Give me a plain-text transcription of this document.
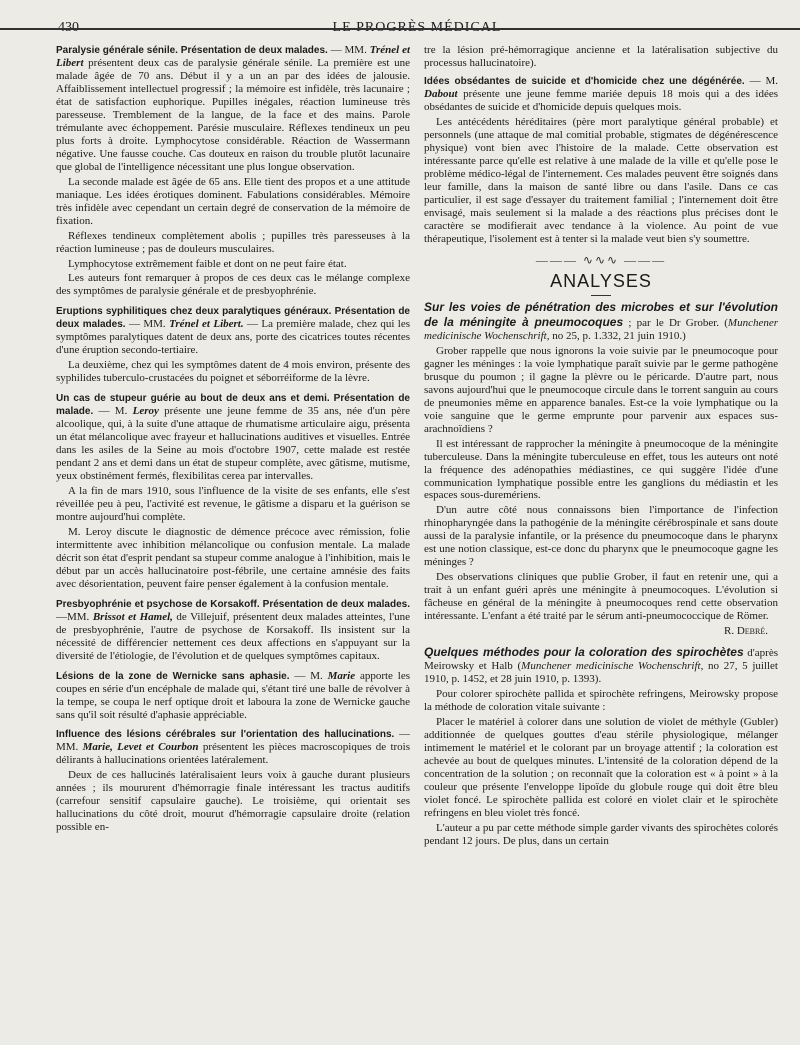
430	LE PROGRÈS MÉDICAL

Paralysie générale sénile. Présentation de deux malades. — MM. Trénel et Libert présentent deux cas de paralysie générale sénile. La première est une malade âgée de 70 ans. Début il y a un an par des idées de jalousie. Affaiblissement intellectuel progressif ; la mémoire est infidèle, très lacunaire ; état de satisfaction euphorique. Pupilles inégales, réaction lumineuse très paresseuse. Tremblement de la langue, de la face et des mains. Parole trémulante avec échoppement. Parésie musculaire. Réflexes tendineux un peu plus forts à droite. Lymphocytose considérable. Réaction de Wassermann négative. Une fausse couche. Cas douteux en raison du trouble plutôt lacunaire que global de l'intelligence nécessitant une plus longue observation.

La seconde malade est âgée de 65 ans. Elle tient des propos et a une attitude maniaque. Les idées érotiques dominent. Fabulations considérables. Mémoire très infidèle avec cependant un certain degré de conservation de la mémoire de fixation.

Réflexes tendineux complètement abolis ; pupilles très paresseuses à la réaction lumineuse ; pas de douleurs musculaires.

Lymphocytose extrêmement faible et dont on ne peut faire état.

Les auteurs font remarquer à propos de ces deux cas le mélange complexe des symptômes de paralysie générale et de presbyophrénie.

Eruptions syphilitiques chez deux paralytiques généraux. Présentation de deux malades. — MM. Trénel et Libert. — La première malade, chez qui les symptômes paralytiques datent de deux ans, porte des cicatrices toutes récentes d'une éruption secondo-tertiaire.

La deuxième, chez qui les symptômes datent de 4 mois environ, présente des syphilides tuberculo-crustacées du poignet et séborréiforme de la lèvre.

Un cas de stupeur guérie au bout de deux ans et demi. Présentation de malade. — M. Leroy présente une jeune femme de 35 ans, née d'un père alcoolique, qui, à la suite d'une attaque de rhumatisme articulaire aigu, présenta un état mélancolique avec frayeur et hallucinations auditives et visuelles. Entrée dans les asiles de la Seine au mois d'octobre 1907, cette malade est restée pendant 2 ans et demi dans un état de stupeur complète, avec gâtisme, mutisme, yeux obstinément fermés, flexibilitas cerea par intervalles.

A la fin de mars 1910, sous l'influence de la visite de ses enfants, elle s'est réveillée peu à peu, l'activité est revenue, le gâtisme a disparu et la guérison se montre aujourd'hui complète.

M. Leroy discute le diagnostic de démence précoce avec rémission, folie intermittente avec inhibition mélancolique ou confusion mentale. La malade décrit son état d'esprit pendant sa stupeur comme analogue à l'inhibition, mais le début par un accès hallucinatoire post-fébrile, une certaine amnésie des faits avec désorientation, peuvent faire penser également à la confusion mentale.

Presbyophrénie et psychose de Korsakoff. Présentation de deux malades. —MM. Brissot et Hamel, de Villejuif, présentent deux malades atteintes, l'une de presbyophrénie, l'autre de psychose de Korsakoff. Ils insistent sur la nécessité de différencier nettement ces deux affections en s'appuyant sur la diversité de l'étiologie, de l'évolution et de quelques symptômes capitaux.

Lésions de la zone de Wernicke sans aphasie. — M. Marie apporte les coupes en série d'un encéphale de malade qui, s'étant tiré une balle de révolver à la tempe, se coupa le nerf optique droit et laboura la zone de Wernicke gauche sans qu'il soit résulté d'aphasie appréciable.

Influence des lésions cérébrales sur l'orientation des hallucinations. — MM. Marie, Levet et Courbon présentent les pièces macroscopiques de trois délirants à hallucinations orientées latéralement.

Deux de ces hallucinés latéralisaient leurs voix à gauche durant plusieurs années ; ils moururent d'hémorragie finale intéressant les tractus auditifs (carrefour sensitif capsulaire gauche). Le troisième, qui orientait ses hallucinations du côté droit, mourut d'hémorragie capsulaire droite (relation possible en-

tre la lésion pré-hémorragique ancienne et la latéralisation subjective du processus hallucinatoire).

Idées obsédantes de suicide et d'homicide chez une dégénérée. — M. Dabout présente une jeune femme mariée depuis 18 mois qui a des idées obsédantes de suicide et d'homicide depuis quelques mois.

Les antécédents héréditaires (père mort paralytique général probable) et personnels (une attaque de mal comitial probable, stigmates de dégénérescence physique) vont bien avec l'histoire de la malade. Cette observation est intéressante parce qu'elle est relative à une malade de la ville et qu'elle pose le problème médico-légal de l'internement. Ces malades peuvent être soignés dans leur famille, dans la maison de santé libre ou dans l'asile. Dans ce cas particulier, il est sage d'essayer du traitement familial ; l'internement doit être envisagé, mais seulement si la malade a des réactions plus précises dont le caractère se modifierait avec tendance à la violence. Au point de vue thérapeutique, l'isolement est à tenter si la malade veut bien s'y soumettre.

——— ∿∿∿ ———
ANALYSES

Sur les voies de pénétration des microbes et sur l'évolution de la méningite à pneumocoques ; par le Dr Grober. (Munchener medicinische Wochenschrift, no 25, p. 1.332, 21 juin 1910.)

Grober rappelle que nous ignorons la voie suivie par le pneumocoque pour gagner les méninges : la voie lymphatique paraît suivie par le germe pathogène brusque du poumon ; il gagne la plèvre ou le péricarde. D'autre part, nous savons aujourd'hui que le pneumocoque circule dans le torrent sanguin au cours de pneumonies même en apparence banales. Est-ce la voie lymphatique ou la voie sanguine que le germe emprunte pour parvenir aux espaces sus-arachnoïdiens ?

Il est intéressant de rapprocher la méningite à pneumocoque de la méningite tuberculeuse. Dans la méningite tuberculeuse en effet, tous les auteurs ont noté la fréquence des adénopathies médiastines, ce qui suggère l'idée d'une communication lymphatique possible entre les ganglions du médiastin et les espaces sous-duremériens.

D'un autre côté nous connaissons bien l'importance de l'infection rhinopharyngée dans la pathogénie de la méningite cérébrospinale et sans doute aussi de la paralysie infantile, or la présence du pneumocoque dans le pharynx est une notion classique, est-ce donc du pharynx que le pneumocoque gagne les méninges ?

Des observations cliniques que publie Grober, il faut en retenir une, qui a trait à un enfant guéri après une méningite à pneumocoques. L'évolution si fâcheuse en général de la méningite à pneumocoques rend cette observation intéressante. L'enfant a été traité par le sérum anti-pneumococcique de Römer.

R. Debré.

Quelques méthodes pour la coloration des spirochètes d'après Meirowsky et Halb (Munchener medicinische Wochenschrift, no 27, 5 juillet 1910, p. 1452, et 28 juin 1910, p. 1393).

Pour colorer spirochète pallida et spirochète refringens, Meirowsky propose la méthode de coloration vitale suivante :

Placer le matériel à colorer dans une solution de violet de méthyle (Gubler) additionnée de quelques gouttes d'eau stérile physiologique, mélanger intimement le matériel et le colorant par un broyage attentif ; la coloration est achevée au bout de quelques minutes. L'intensité de la coloration dépend de la concentration de la solution ; on reconnaît que la coloration est « à point » à la couleur que présente l'enveloppe lipoïde du globule rouge qui doit être bleu violet foncé. Le spirochète pallida est coloré en violet clair et le spirochète refringens en bleu violet très foncé.

L'auteur a pu par cette méthode simple garder vivants des spirochètes colorés pendant 12 jours. De plus, dans un certain
